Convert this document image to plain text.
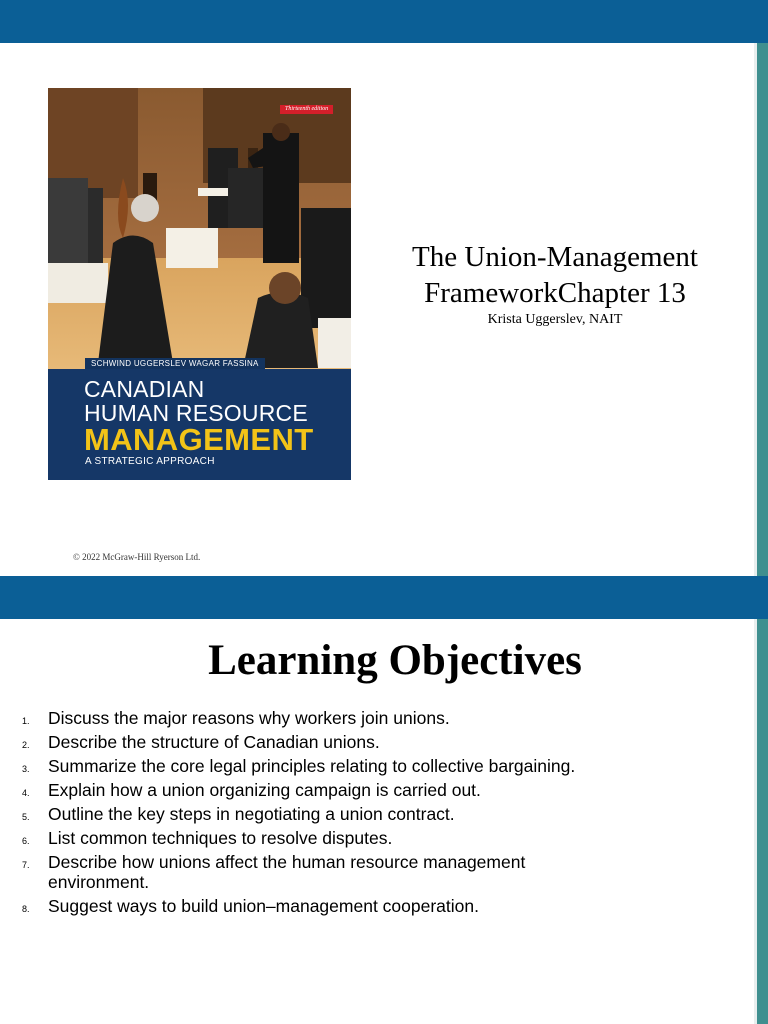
Thirteenth edition
SCHWIND UGGERSLEV WAGAR FASSINA
CANADIAN
HUMAN RESOURCE
MANAGEMENT
A STRATEGIC APPROACH
The Union-Management
FrameworkChapter 13
Krista Uggerslev, NAIT
© 2022 McGraw-Hill Ryerson Ltd.
Learning Objectives
1.	Discuss the major reasons why workers join unions.
2.	Describe the structure of Canadian unions.
3.	Summarize the core legal principles relating to collective bargaining.
4.	Explain how a union organizing campaign is carried out.
5.	Outline the key steps in negotiating a union contract.
6.	List common techniques to resolve disputes.
7.	Describe how unions affect the human resource management environment.
8.	Suggest ways to build union–management cooperation.
